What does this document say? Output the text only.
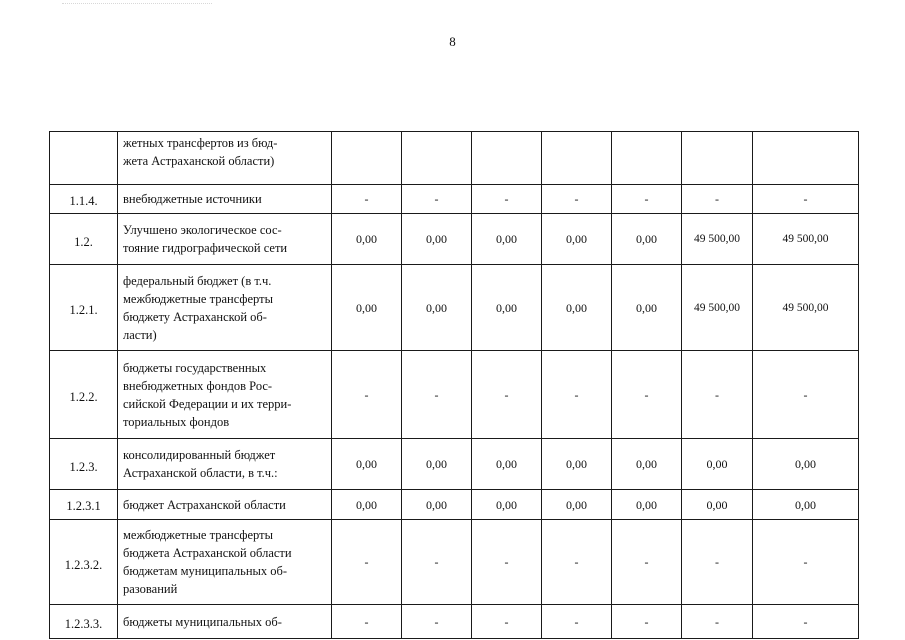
8

	жетных трансфертов из бюд-
жета Астраханской области)							

1.1.4.	внебюджетные источники	-	-	-	-	-	-	-
1.2.	Улучшено экологическое сос-
тояние гидрографической сети	0,00	0,00	0,00	0,00	0,00	49 500,00	49 500,00
1.2.1.	федеральный бюджет (в т.ч.
межбюджетные трансферты
бюджету Астраханской об-
ласти)	0,00	0,00	0,00	0,00	0,00	49 500,00	49 500,00
1.2.2.	бюджеты государственных
внебюджетных фондов Рос-
сийской Федерации и их терри-
ториальных фондов	-	-	-	-	-	-	-
1.2.3.	консолидированный бюджет
Астраханской области, в т.ч.:	0,00	0,00	0,00	0,00	0,00	0,00	0,00
1.2.3.1	бюджет Астраханской области	0,00	0,00	0,00	0,00	0,00	0,00	0,00
1.2.3.2.	межбюджетные трансферты
бюджета Астраханской области
бюджетам муниципальных об-
разований	-	-	-	-	-	-	-
1.2.3.3.	бюджеты муниципальных об-	-	-	-	-	-	-	-
